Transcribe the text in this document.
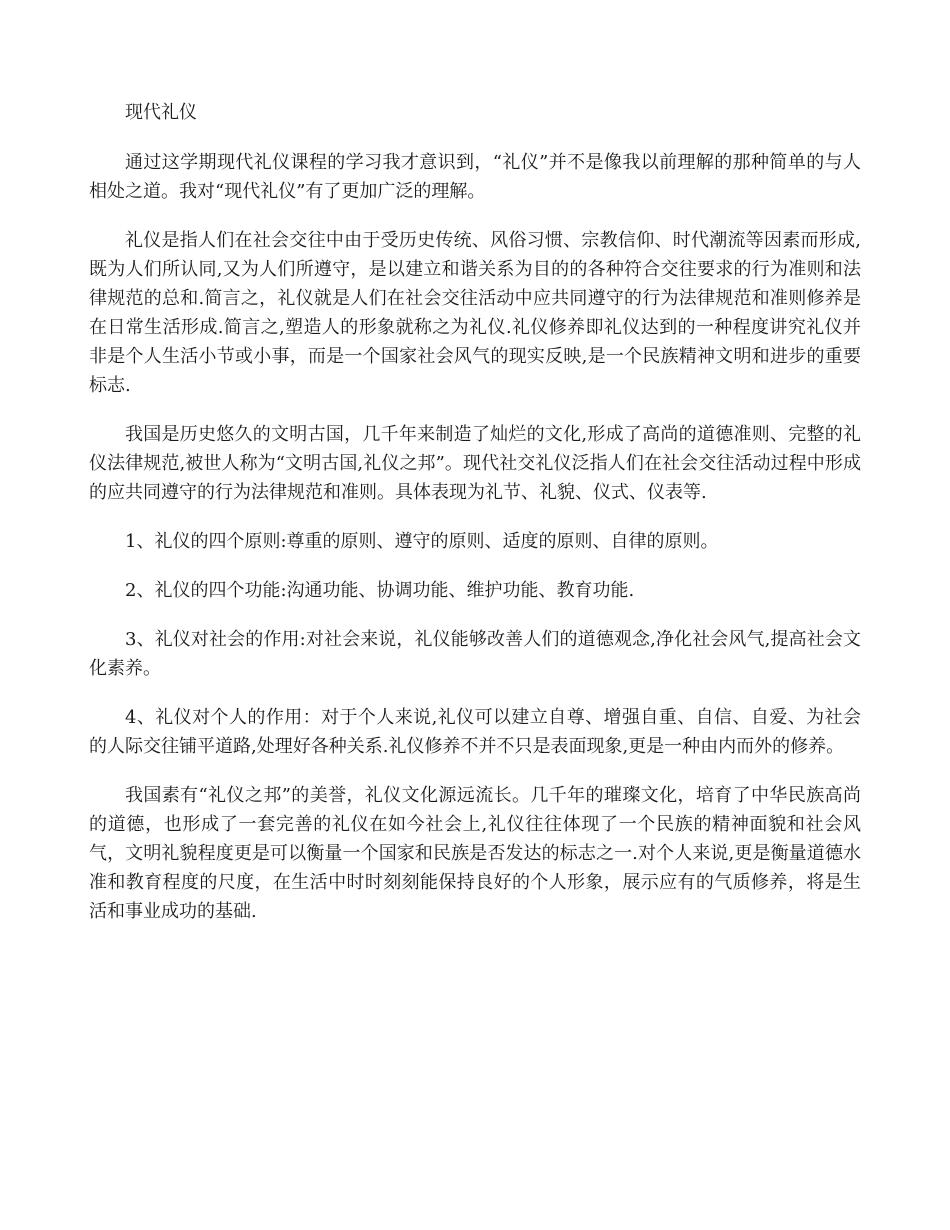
现代礼仪

通过这学期现代礼仪课程的学习我才意识到，“礼仪”并不是像我以前理解的那种简单的与人相处之道。我对“现代礼仪”有了更加广泛的理解。

礼仪是指人们在社会交往中由于受历史传统、风俗习惯、宗教信仰、时代潮流等因素而形成,既为人们所认同,又为人们所遵守，是以建立和谐关系为目的的各种符合交往要求的行为准则和法律规范的总和.简言之，礼仪就是人们在社会交往活动中应共同遵守的行为法律规范和准则修养是在日常生活形成.简言之,塑造人的形象就称之为礼仪.礼仪修养即礼仪达到的一种程度讲究礼仪并非是个人生活小节或小事，而是一个国家社会风气的现实反映,是一个民族精神文明和进步的重要标志.

我国是历史悠久的文明古国，几千年来制造了灿烂的文化,形成了高尚的道德准则、完整的礼仪法律规范,被世人称为“文明古国,礼仪之邦”。现代社交礼仪泛指人们在社会交往活动过程中形成的应共同遵守的行为法律规范和准则。具体表现为礼节、礼貌、仪式、仪表等.

1、礼仪的四个原则:尊重的原则、遵守的原则、适度的原则、自律的原则。

2、礼仪的四个功能:沟通功能、协调功能、维护功能、教育功能.

3、礼仪对社会的作用:对社会来说，礼仪能够改善人们的道德观念,净化社会风气,提高社会文化素养。

4、礼仪对个人的作用：对于个人来说,礼仪可以建立自尊、增强自重、自信、自爱、为社会的人际交往铺平道路,处理好各种关系.礼仪修养不并不只是表面现象,更是一种由内而外的修养。

我国素有“礼仪之邦”的美誉，礼仪文化源远流长。几千年的璀璨文化，培育了中华民族高尚的道德，也形成了一套完善的礼仪在如今社会上,礼仪往往体现了一个民族的精神面貌和社会风气，文明礼貌程度更是可以衡量一个国家和民族是否发达的标志之一.对个人来说,更是衡量道德水准和教育程度的尺度，在生活中时时刻刻能保持良好的个人形象，展示应有的气质修养，将是生活和事业成功的基础.
